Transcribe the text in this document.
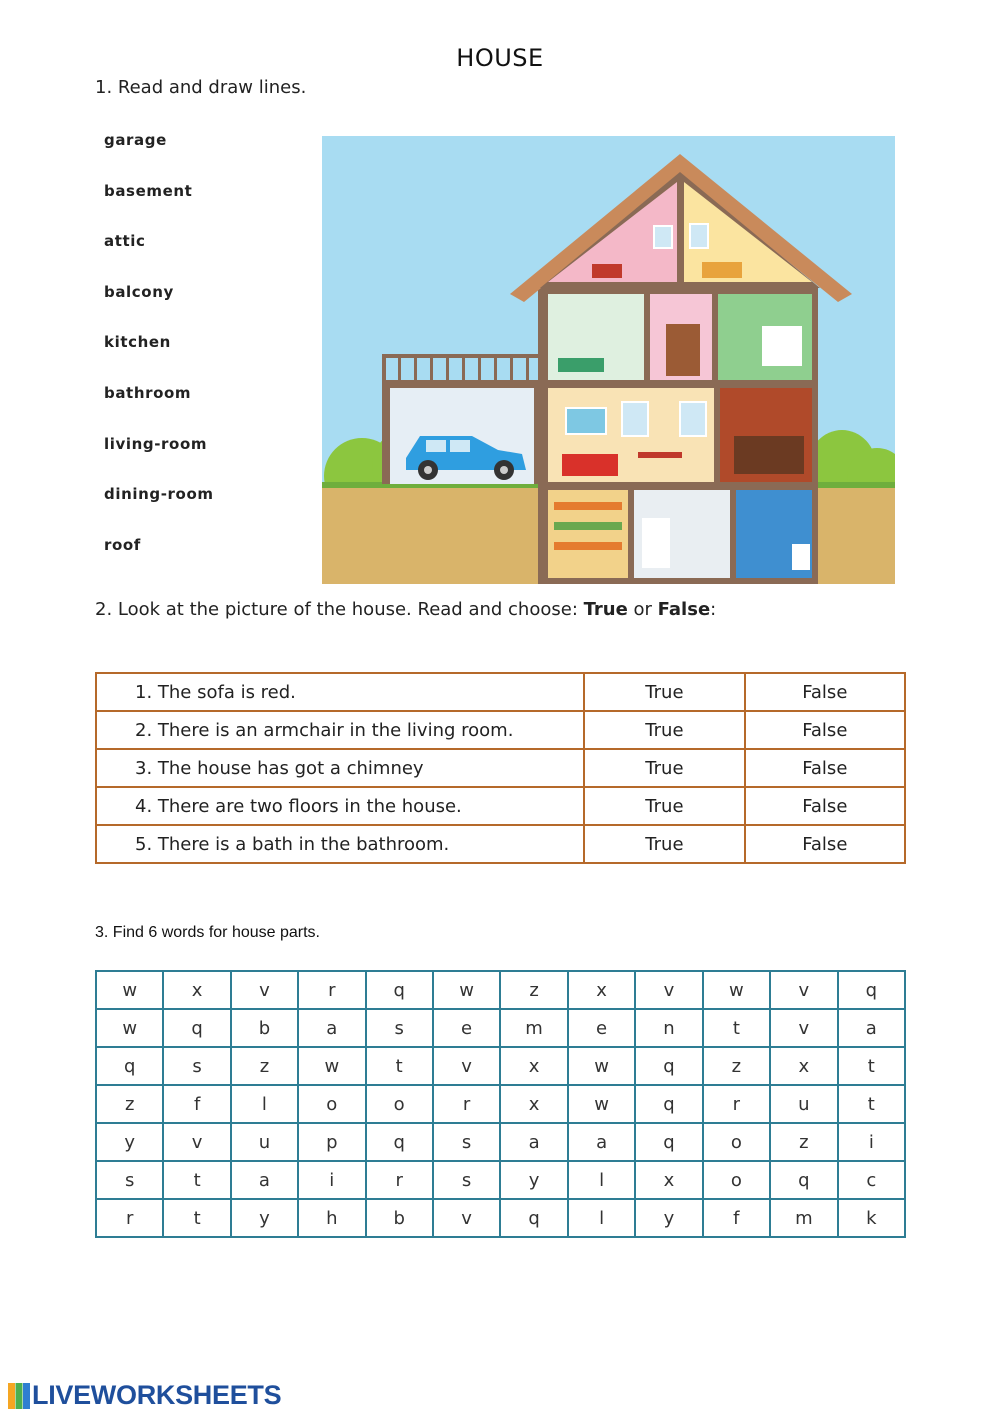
HOUSE
1. Read and draw lines.
garage
basement
attic
balcony
kitchen
bathroom
living-room
dining-room
roof
2. Look at the picture of the house. Read and choose: True or False:
1. The sofa is red.	True	False
2. There is an armchair in the living room.	True	False
3. The house has got a chimney	True	False
4. There are two floors in the house.	True	False
5. There is a bath in the bathroom.	True	False
3. Find 6 words for house parts.
w	x	v	r	q	w	z	x	v	w	v	q
w	q	b	a	s	e	m	e	n	t	v	a
q	s	z	w	t	v	x	w	q	z	x	t
z	f	l	o	o	r	x	w	q	r	u	t
y	v	u	p	q	s	a	a	q	o	z	i
s	t	a	i	r	s	y	l	x	o	q	c
r	t	y	h	b	v	q	l	y	f	m	k
LIVEWORKSHEETS
